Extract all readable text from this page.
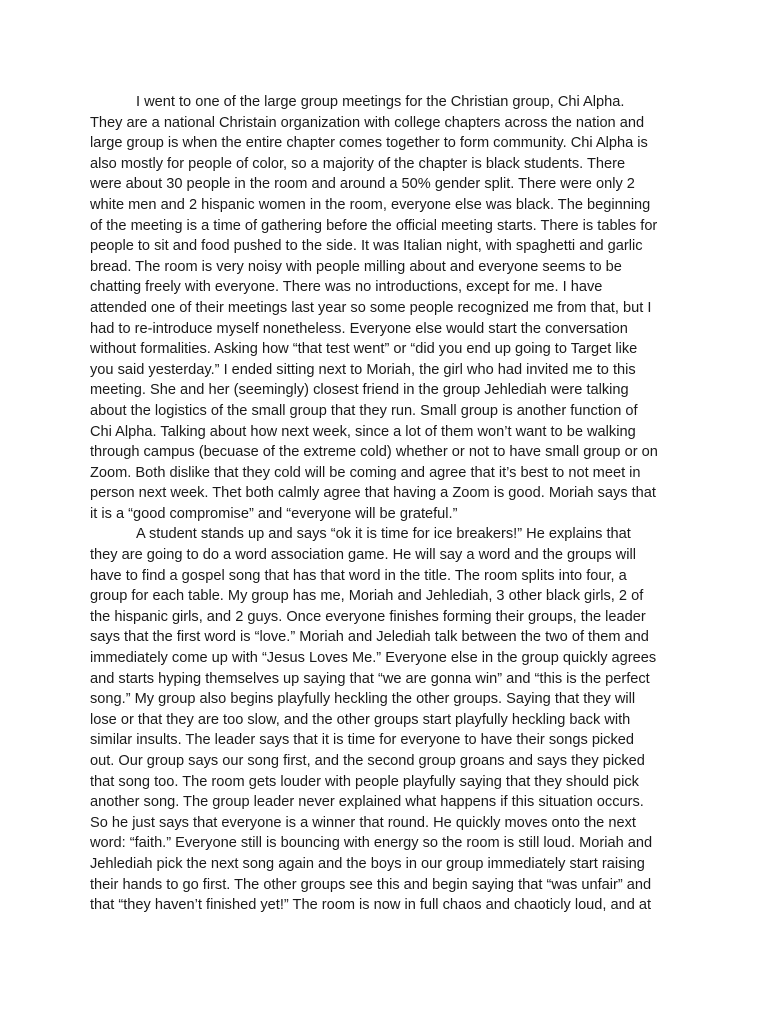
I went to one of the large group meetings for the Christian group, Chi Alpha.
They are a national Christain organization with college chapters across the nation and
large group is when the entire chapter comes together to form community. Chi Alpha is
also mostly for people of color, so a majority of the chapter is black students. There
were about 30 people in the room and around a 50% gender split. There were only 2
white men and 2 hispanic women in the room, everyone else was black. The beginning
of the meeting is a time of gathering before the official meeting starts. There is tables for
people to sit and food pushed to the side. It was Italian night, with spaghetti and garlic
bread. The room is very noisy with people milling about and everyone seems to be
chatting freely with everyone. There was no introductions, except for me. I have
attended one of their meetings last year so some people recognized me from that, but I
had to re-introduce myself nonetheless. Everyone else would start the conversation
without formalities. Asking how “that test went” or “did you end up going to Target like
you said yesterday.” I ended sitting next to Moriah, the girl who had invited me to this
meeting. She and her (seemingly) closest friend in the group Jehlediah were talking
about the logistics of the small group that they run. Small group is another function of
Chi Alpha. Talking about how next week, since a lot of them won’t want to be walking
through campus (becuase of the extreme cold) whether or not to have small group or on
Zoom. Both dislike that they cold will be coming and agree that it’s best to not meet in
person next week. Thet both calmly agree that having a Zoom is good. Moriah says that
it is a “good compromise” and “everyone will be grateful.”
A student stands up and says “ok it is time for ice breakers!” He explains that
they are going to do a word association game. He will say a word and the groups will
have to find a gospel song that has that word in the title. The room splits into four, a
group for each table. My group has me, Moriah and Jehlediah, 3 other black girls, 2 of
the hispanic girls, and 2 guys. Once everyone finishes forming their groups, the leader
says that the first word is “love.” Moriah and Jelediah talk between the two of them and
immediately come up with “Jesus Loves Me.” Everyone else in the group quickly agrees
and starts hyping themselves up saying that “we are gonna win” and “this is the perfect
song.” My group also begins playfully heckling the other groups. Saying that they will
lose or that they are too slow, and the other groups start playfully heckling back with
similar insults. The leader says that it is time for everyone to have their songs picked
out. Our group says our song first, and the second group groans and says they picked
that song too. The room gets louder with people playfully saying that they should pick
another song. The group leader never explained what happens if this situation occurs.
So he just says that everyone is a winner that round. He quickly moves onto the next
word: “faith.” Everyone still is bouncing with energy so the room is still loud. Moriah and
Jehlediah pick the next song again and the boys in our group immediately start raising
their hands to go first. The other groups see this and begin saying that “was unfair” and
that “they haven’t finished yet!” The room is now in full chaos and chaoticly loud, and at
